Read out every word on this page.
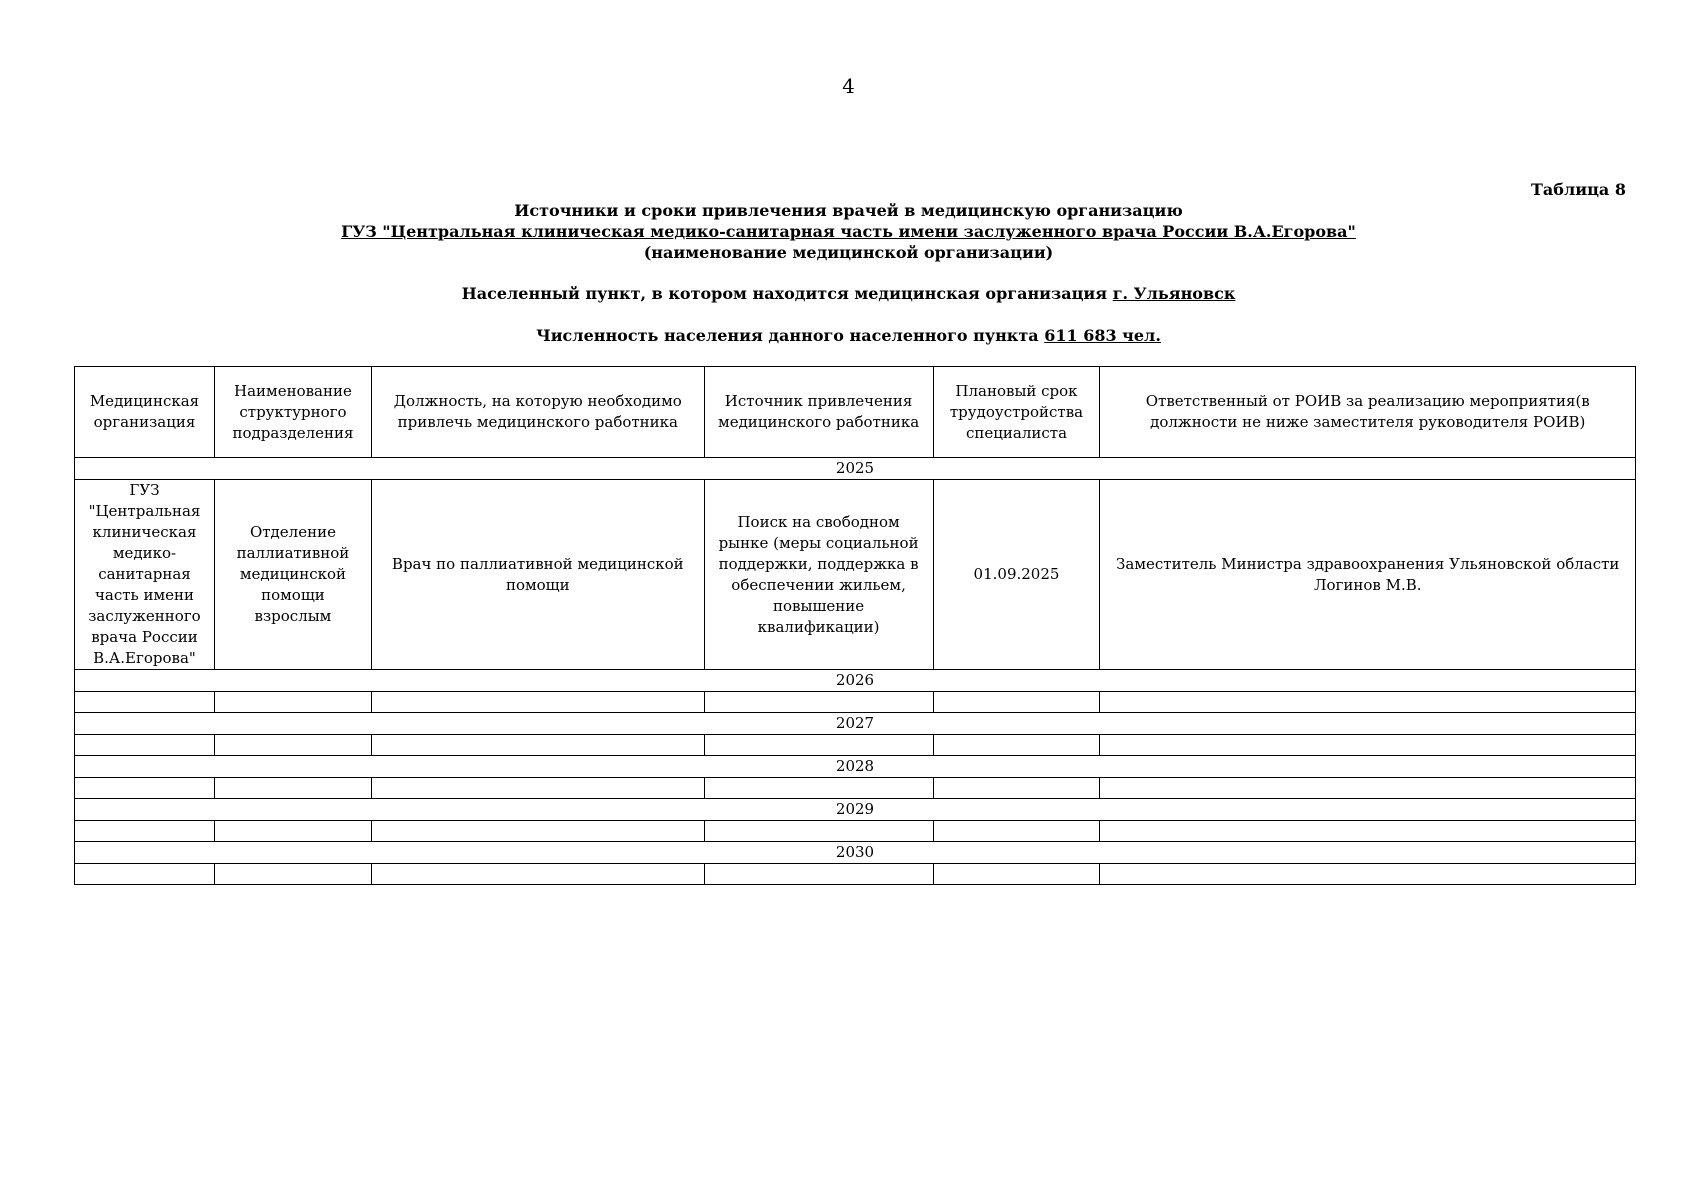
4
Таблица 8
Источники и сроки привлечения врачей в медицинскую организацию
ГУЗ "Центральная клиническая медико-санитарная часть имени заслуженного врача России В.А.Егорова"
(наименование медицинской организации)
Населенный пункт, в котором находится медицинская организация г. Ульяновск
Численность населения данного населенного пункта 611 683 чел.
Медицинская организация	Наименование структурного подразделения	Должность, на которую необходимо привлечь медицинского работника	Источник привлечения медицинского работника	Плановый срок трудоустройства специалиста	Ответственный от РОИВ за реализацию мероприятия(в должности не ниже заместителя руководителя РОИВ)
2025					
ГУЗ "Центральная клиническая медико-санитарная часть имени заслуженного врача России В.А.Егорова"	Отделение паллиативной медицинской помощи взрослым	Врач по паллиативной медицинской помощи	Поиск на свободном рынке (меры социальной поддержки, поддержка в обеспечении жильем, повышение квалификации)	01.09.2025	Заместитель Министра здравоохранения Ульяновской области Логинов М.В.
2026					

2027					

2028					

2029					

2030					
